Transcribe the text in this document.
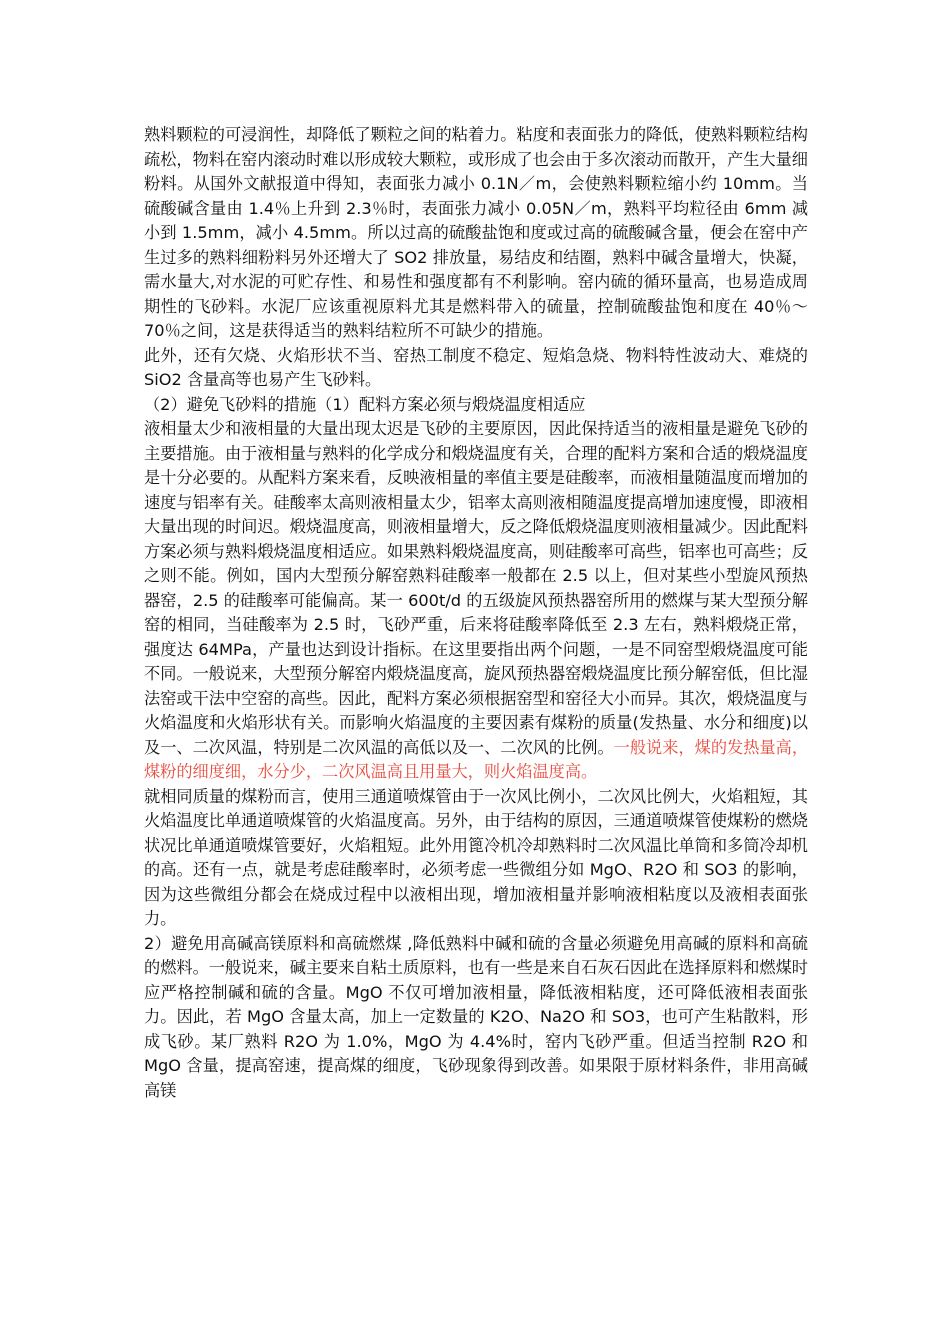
熟料颗粒的可浸润性，却降低了颗粒之间的粘着力。粘度和表面张力的降低，使熟料颗粒结构疏松，物料在窑内滚动时难以形成较大颗粒，或形成了也会由于多次滚动而散开，产生大量细粉料。从国外文献报道中得知，表面张力减小 0.1N／m，会使熟料颗粒缩小约 10mm。当硫酸碱含量由 1.4％上升到 2.3％时，表面张力减小 0.05N／m，熟料平均粒径由 6mm 减小到 1.5mm，减小 4.5mm。所以过高的硫酸盐饱和度或过高的硫酸碱含量，便会在窑中产生过多的熟料细粉料另外还增大了 SO2 排放量，易结皮和结圈，熟料中碱含量增大，快凝，需水量大,对水泥的可贮存性、和易性和强度都有不利影响。窑内硫的循环量高，也易造成周期性的飞砂料。水泥厂应该重视原料尤其是燃料带入的硫量，控制硫酸盐饱和度在 40％～70％之间，这是获得适当的熟料结粒所不可缺少的措施。

此外，还有欠烧、火焰形状不当、窑热工制度不稳定、短焰急烧、物料特性波动大、难烧的 SiO2 含量高等也易产生飞砂料。

（2）避免飞砂料的措施（1）配料方案必须与煅烧温度相适应

液相量太少和液相量的大量出现太迟是飞砂的主要原因，因此保持适当的液相量是避免飞砂的主要措施。由于液相量与熟料的化学成分和煅烧温度有关，合理的配料方案和合适的煅烧温度是十分必要的。从配料方案来看，反映液相量的率值主要是硅酸率，而液相量随温度而增加的速度与铝率有关。硅酸率太高则液相量太少，铝率太高则液相随温度提高增加速度慢，即液相大量出现的时间迟。煅烧温度高，则液相量增大，反之降低煅烧温度则液相量减少。因此配料方案必须与熟料煅烧温度相适应。如果熟料煅烧温度高，则硅酸率可高些，铝率也可高些；反之则不能。例如，国内大型预分解窑熟料硅酸率一般都在 2.5 以上，但对某些小型旋风预热器窑，2.5 的硅酸率可能偏高。某一 600t/d 的五级旋风预热器窑所用的燃煤与某大型预分解窑的相同，当硅酸率为 2.5 时，飞砂严重，后来将硅酸率降低至 2.3 左右，熟料煅烧正常，强度达 64MPa，产量也达到设计指标。在这里要指出两个问题，一是不同窑型煅烧温度可能不同。一般说来，大型预分解窑内煅烧温度高，旋风预热器窑煅烧温度比预分解窑低，但比湿法窑或干法中空窑的高些。因此，配料方案必须根据窑型和窑径大小而异。其次，煅烧温度与火焰温度和火焰形状有关。而影响火焰温度的主要因素有煤粉的质量(发热量、水分和细度)以及一、二次风温，特别是二次风温的高低以及一、二次风的比例。一般说来，煤的发热量高，煤粉的细度细，水分少，二次风温高且用量大，则火焰温度高。

就相同质量的煤粉而言，使用三通道喷煤管由于一次风比例小，二次风比例大，火焰粗短，其火焰温度比单通道喷煤管的火焰温度高。另外，由于结构的原因，三通道喷煤管使煤粉的燃烧状况比单通道喷煤管要好，火焰粗短。此外用篦冷机冷却熟料时二次风温比单筒和多筒冷却机的高。还有一点，就是考虑硅酸率时，必须考虑一些微组分如 MgO、R2O 和 SO3 的影响，因为这些微组分都会在烧成过程中以液相出现，增加液相量并影响液相粘度以及液相表面张力。

2）避免用高碱高镁原料和高硫燃煤 ,降低熟料中碱和硫的含量必须避免用高碱的原料和高硫的燃料。一般说来，碱主要来自粘土质原料，也有一些是来自石灰石因此在选择原料和燃煤时应严格控制碱和硫的含量。MgO 不仅可增加液相量，降低液相粘度，还可降低液相表面张力。因此，若 MgO 含量太高，加上一定数量的 K2O、Na2O 和 SO3，也可产生粘散料，形成飞砂。某厂熟料 R2O 为 1.0%，MgO 为 4.4%时，窑内飞砂严重。但适当控制 R2O 和 MgO 含量，提高窑速，提高煤的细度，飞砂现象得到改善。如果限于原材料条件，非用高碱高镁
